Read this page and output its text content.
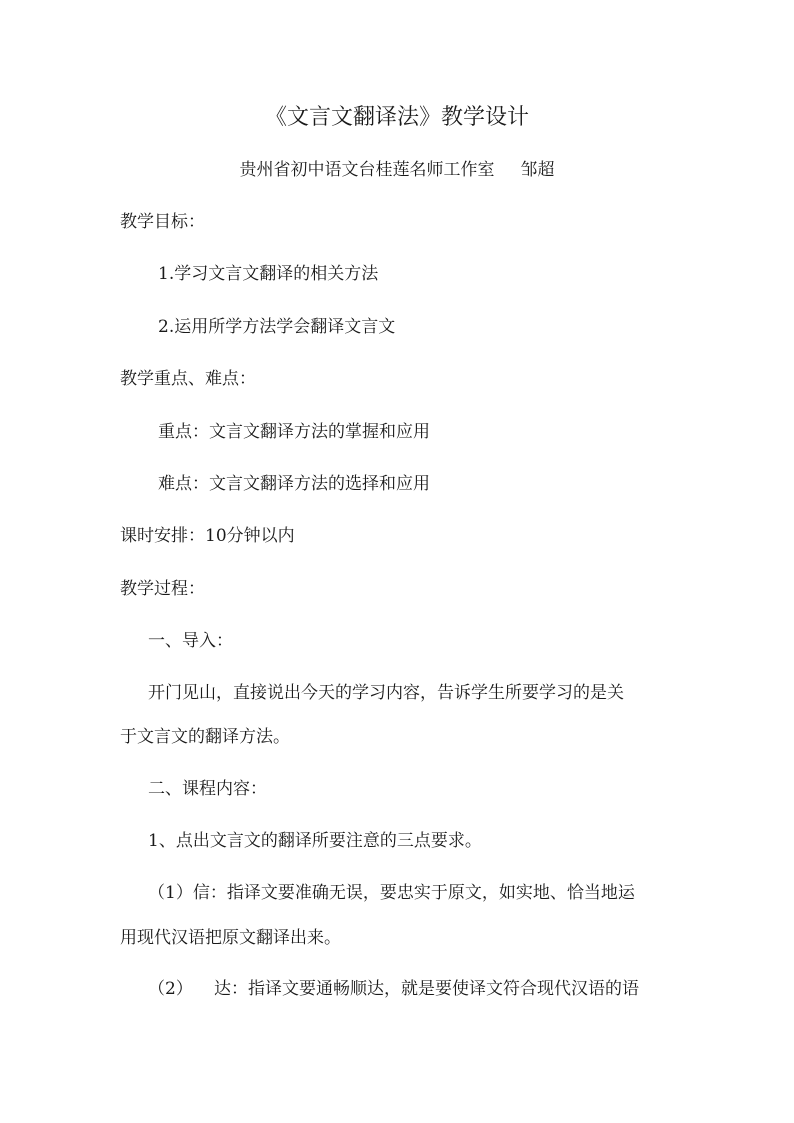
《文言文翻译法》教学设计
贵州省初中语文台桂莲名师工作室 邹超
教学目标：
1.学习文言文翻译的相关方法
2.运用所学方法学会翻译文言文
教学重点、难点：
重点：文言文翻译方法的掌握和应用
难点：文言文翻译方法的选择和应用
课时安排：10分钟以内
教学过程：
一、导入：
开门见山，直接说出今天的学习内容，告诉学生所要学习的是关
于文言文的翻译方法。
二、课程内容：
1、点出文言文的翻译所要注意的三点要求。
（1）信：指译文要准确无误，要忠实于原文，如实地、恰当地运
用现代汉语把原文翻译出来。
（2） 达：指译文要通畅顺达，就是要使译文符合现代汉语的语
